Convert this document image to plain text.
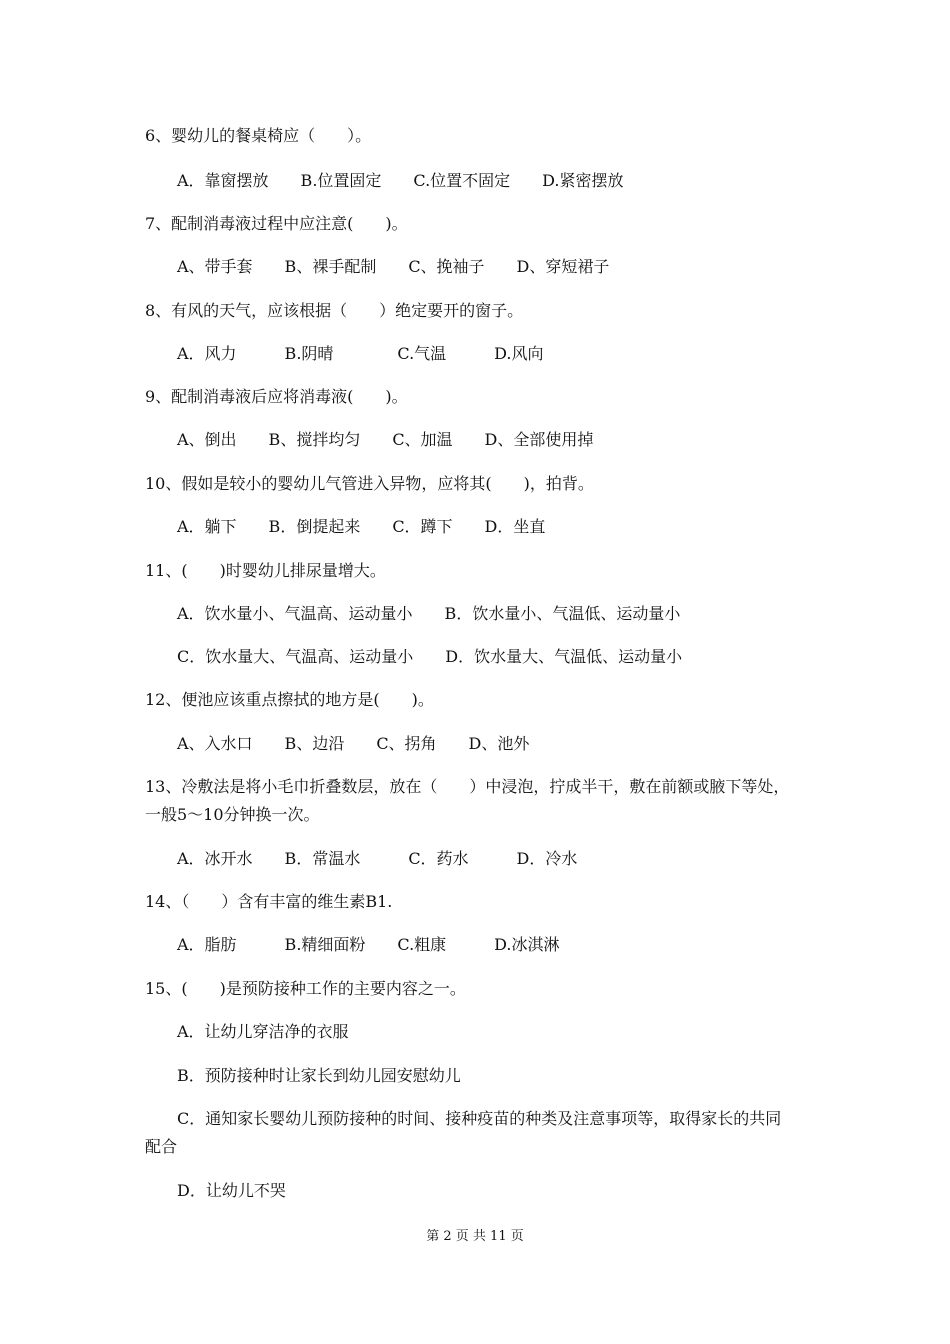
6、婴幼儿的餐桌椅应（　　）。
A．靠窗摆放　　B.位置固定　　C.位置不固定　　D.紧密摆放
7、配制消毒液过程中应注意(　　)。
A、带手套　　B、裸手配制　　C、挽袖子　　D、穿短裙子
8、有风的天气，应该根据（　　）绝定要开的窗子。
A．风力　　　B.阴晴　　　　C.气温　　　D.风向
9、配制消毒液后应将消毒液(　　)。
A、倒出　　B、搅拌均匀　　C、加温　　D、全部使用掉
10、假如是较小的婴幼儿气管进入异物，应将其(　　)，拍背。
A．躺下　　B．倒提起来　　C．蹲下　　D．坐直
11、(　　)时婴幼儿排尿量增大。
A．饮水量小、气温高、运动量小　　B．饮水量小、气温低、运动量小
C．饮水量大、气温高、运动量小　　D．饮水量大、气温低、运动量小
12、便池应该重点擦拭的地方是(　　)。
A、入水口　　B、边沿　　C、拐角　　D、池外
13、冷敷法是将小毛巾折叠数层，放在（　　）中浸泡，拧成半干，敷在前额或腋下等处，
一般5～10分钟换一次。
A．冰开水　　B．常温水　　　C．药水　　　D．冷水
14、（　　）含有丰富的维生素B1.
A．脂肪　　　B.精细面粉　　C.粗康　　　D.冰淇淋
15、(　　)是预防接种工作的主要内容之一。
A．让幼儿穿洁净的衣服
B．预防接种时让家长到幼儿园安慰幼儿
C．通知家长婴幼儿预防接种的时间、接种疫苗的种类及注意事项等，取得家长的共同
配合
D．让幼儿不哭
第 2 页 共 11 页
